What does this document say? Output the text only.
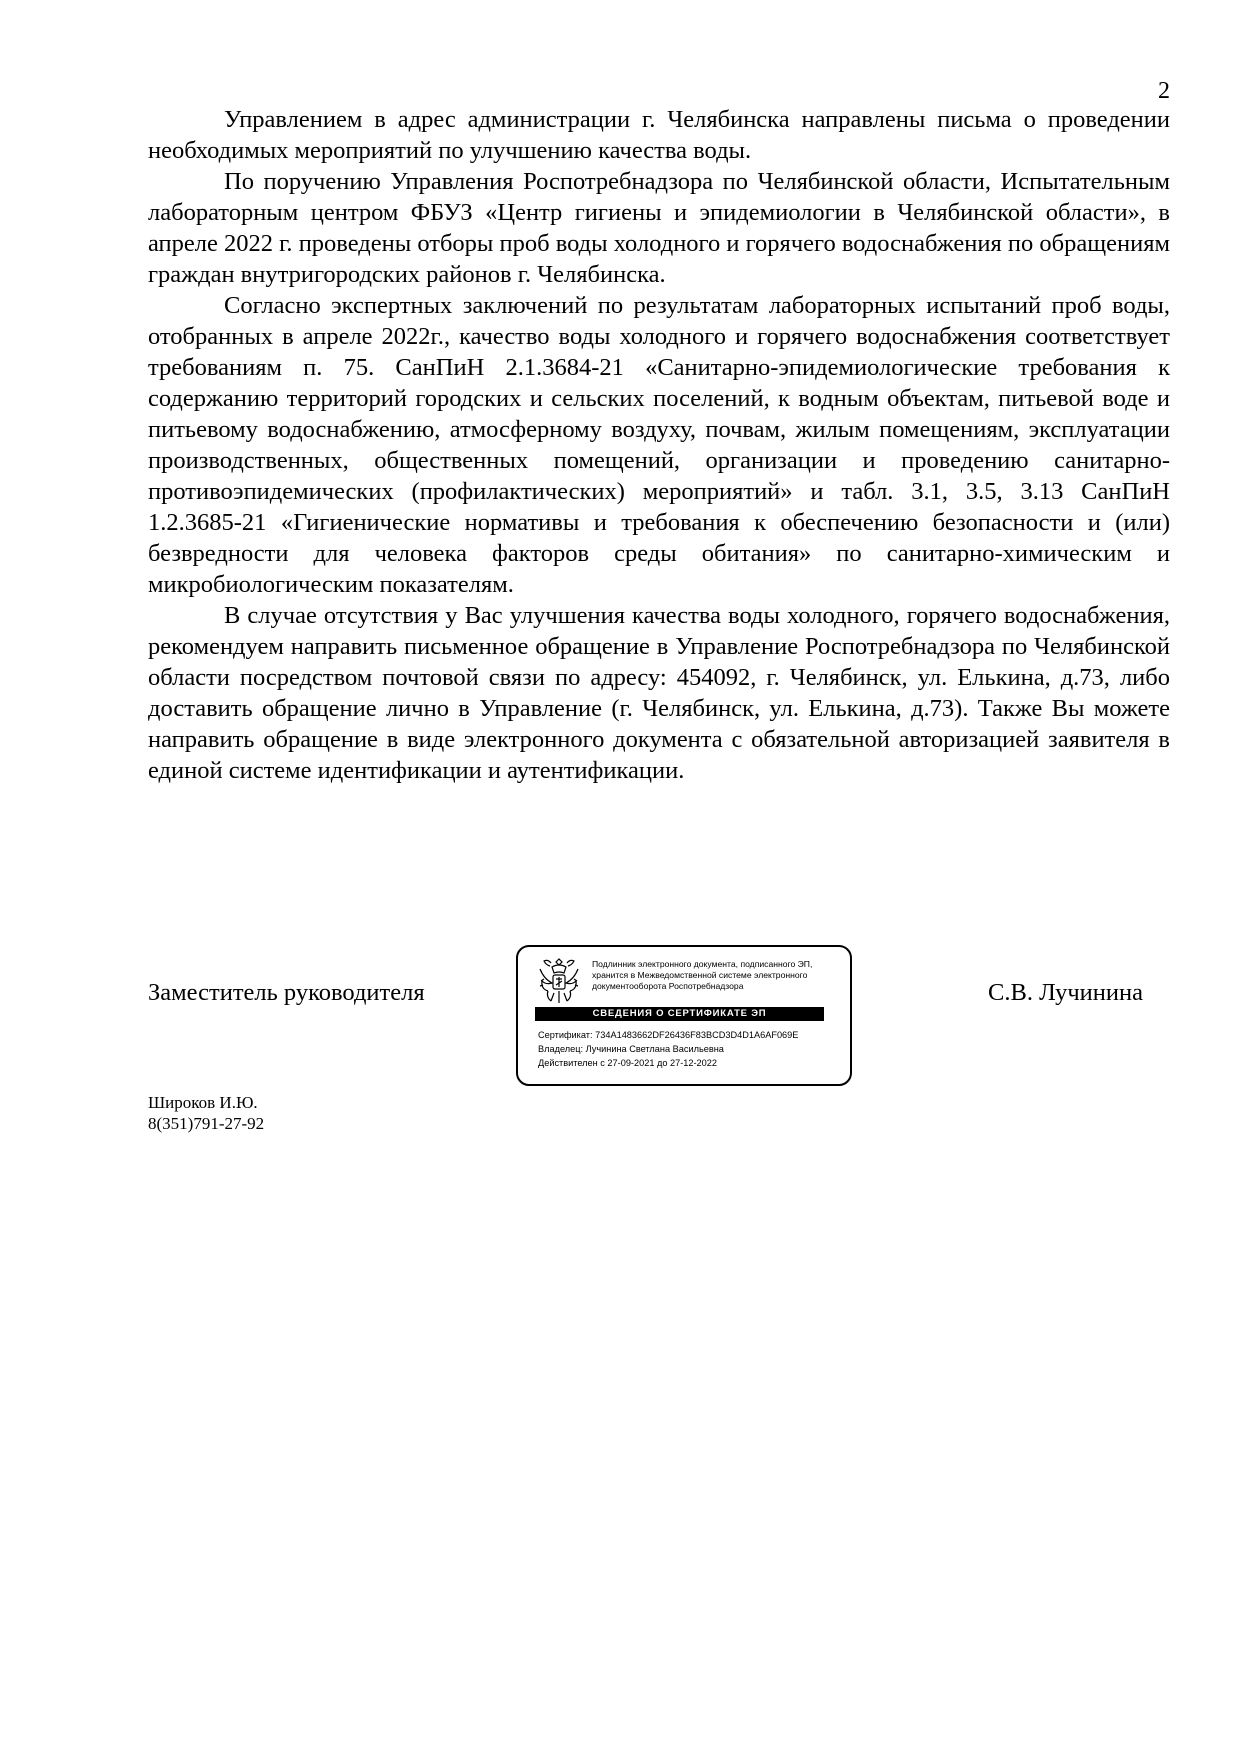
2

Управлением в адрес администрации г. Челябинска направлены письма о проведении необходимых мероприятий по улучшению качества воды.

По поручению Управления Роспотребнадзора по Челябинской области, Испытательным лабораторным центром ФБУЗ «Центр гигиены и эпидемиологии в Челябинской области», в апреле 2022 г. проведены отборы проб воды холодного и горячего водоснабжения по обращениям граждан внутригородских районов г. Челябинска.

Согласно экспертных заключений по результатам лабораторных испытаний проб воды, отобранных в апреле 2022г., качество воды холодного и горячего водоснабжения соответствует требованиям п. 75. СанПиН 2.1.3684-21 «Санитарно-эпидемиологические требования к содержанию территорий городских и сельских поселений, к водным объектам, питьевой воде и питьевому водоснабжению, атмосферному воздуху, почвам, жилым помещениям, эксплуатации производственных, общественных помещений, организации и проведению санитарно-противоэпидемических (профилактических) мероприятий» и табл. 3.1, 3.5, 3.13 СанПиН 1.2.3685-21 «Гигиенические нормативы и требования к обеспечению безопасности и (или) безвредности для человека факторов среды обитания» по санитарно-химическим и микробиологическим показателям.

В случае отсутствия у Вас улучшения качества воды холодного, горячего водоснабжения, рекомендуем направить письменное обращение в Управление Роспотребнадзора по Челябинской области посредством почтовой связи по адресу: 454092, г. Челябинск, ул. Елькина, д.73, либо доставить обращение лично в Управление (г. Челябинск, ул. Елькина, д.73). Также Вы можете направить обращение в виде электронного документа с обязательной авторизацией заявителя в единой системе идентификации и аутентификации.

Заместитель руководителя
Подлинник электронного документа, подписанного ЭП, хранится в Межведомственной системе электронного документооборота Роспотребнадзора
СВЕДЕНИЯ О СЕРТИФИКАТЕ ЭП
Сертификат: 734A1483662DF26436F83BCD3D4D1A6AF069E
Владелец: Лучинина Светлана Васильевна
Действителен с 27-09-2021 до 27-12-2022
С.В. Лучинина
Широков И.Ю.
8(351)791-27-92
